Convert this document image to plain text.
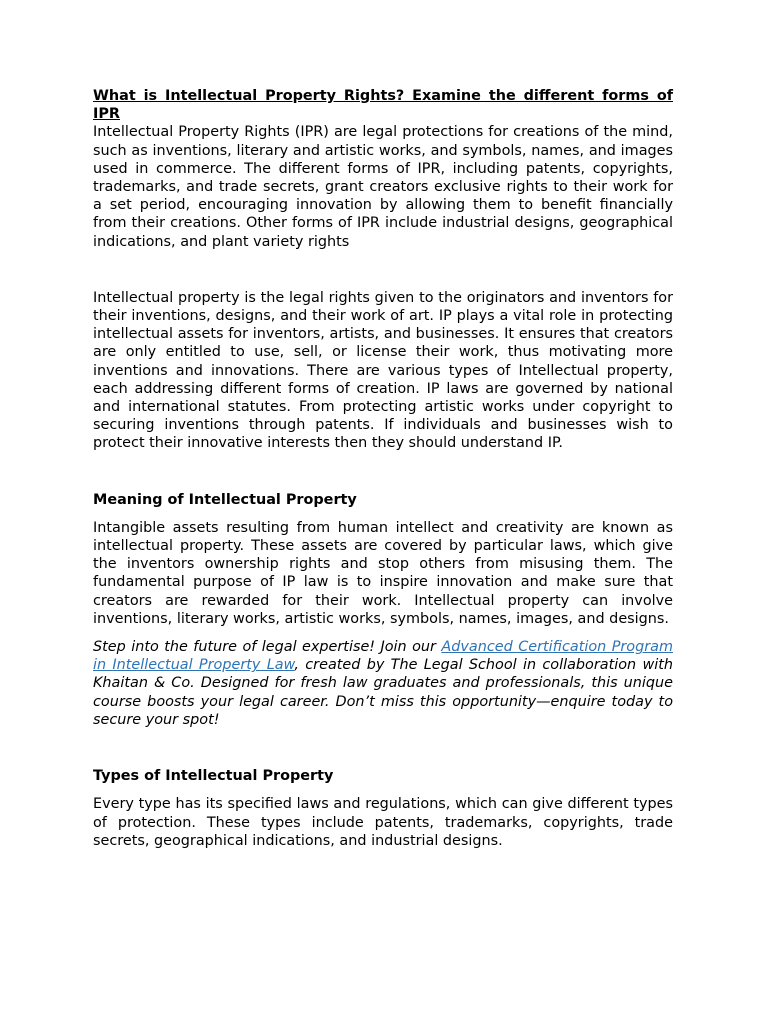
What is Intellectual Property Rights? Examine the different forms of IPR

Intellectual Property Rights (IPR) are legal protections for creations of the mind, such as inventions, literary and artistic works, and symbols, names, and images used in commerce. The different forms of IPR, including patents, copyrights, trademarks, and trade secrets, grant creators exclusive rights to their work for a set period, encouraging innovation by allowing them to benefit financially from their creations. Other forms of IPR include industrial designs, geographical indications, and plant variety rights

Intellectual property is the legal rights given to the originators and inventors for their inventions, designs, and their work of art. IP plays a vital role in protecting intellectual assets for inventors, artists, and businesses. It ensures that creators are only entitled to use, sell, or license their work, thus motivating more inventions and innovations. There are various types of Intellectual property, each addressing different forms of creation. IP laws are governed by national and international statutes. From protecting artistic works under copyright to securing inventions through patents. If individuals and businesses wish to protect their innovative interests then they should understand IP.

Meaning of Intellectual Property

Intangible assets resulting from human intellect and creativity are known as intellectual property. These assets are covered by particular laws, which give the inventors ownership rights and stop others from misusing them. The fundamental purpose of IP law is to inspire innovation and make sure that creators are rewarded for their work. Intellectual property can involve inventions, literary works, artistic works, symbols, names, images, and designs.

Step into the future of legal expertise! Join our Advanced Certification Program in Intellectual Property Law, created by The Legal School in collaboration with Khaitan & Co. Designed for fresh law graduates and professionals, this unique course boosts your legal career. Don’t miss this opportunity—enquire today to secure your spot!

Types of Intellectual Property

Every type has its specified laws and regulations, which can give different types of protection. These types include patents, trademarks, copyrights, trade secrets, geographical indications, and industrial designs.
